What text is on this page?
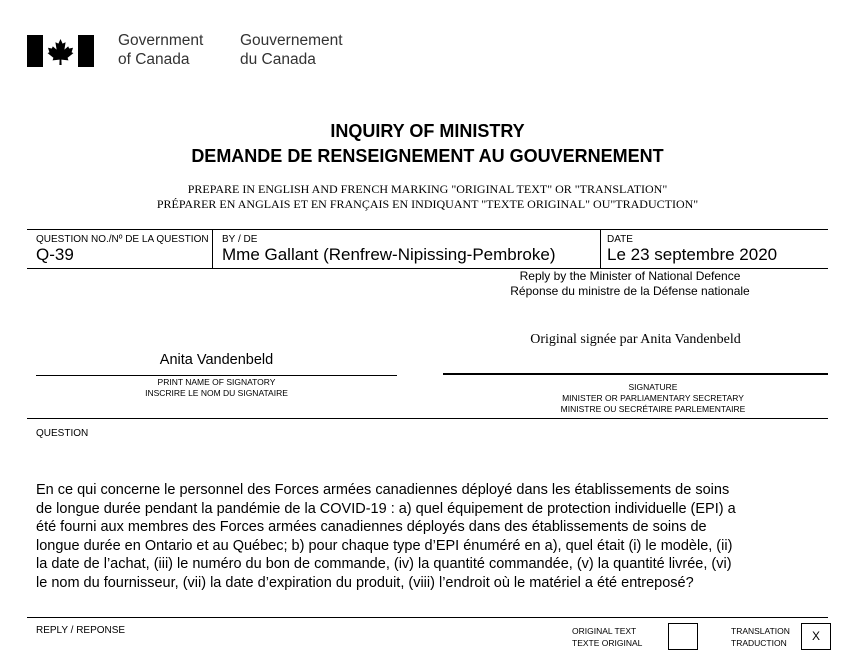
Government
of Canada
Gouvernement
du Canada
INQUIRY OF MINISTRY
DEMANDE DE RENSEIGNEMENT AU GOUVERNEMENT
PREPARE IN ENGLISH AND FRENCH MARKING "ORIGINAL TEXT" OR "TRANSLATION"
PRÉPARER EN ANGLAIS ET EN FRANÇAIS EN INDIQUANT "TEXTE ORIGINAL" OU"TRADUCTION"
QUESTION NO./Nº DE LA QUESTION
Q-39
BY / DE
Mme Gallant (Renfrew-Nipissing-Pembroke)
DATE
Le 23 septembre 2020
Reply by the Minister of National Defence
Réponse du ministre de la Défense nationale
Original signée par Anita Vandenbeld
Anita Vandenbeld
PRINT NAME OF SIGNATORY
INSCRIRE LE NOM DU SIGNATAIRE
SIGNATURE
MINISTER OR PARLIAMENTARY SECRETARY
MINISTRE OU SECRÉTAIRE PARLEMENTAIRE
QUESTION
En ce qui concerne le personnel des Forces armées canadiennes déployé dans les établissements de soins
de longue durée pendant la pandémie de la COVID-19 : a) quel équipement de protection individuelle (EPI) a
été fourni aux membres des Forces armées canadiennes déployés dans des établissements de soins de
longue durée en Ontario et au Québec; b) pour chaque type d’EPI énuméré en a), quel était (i) le modèle, (ii)
la date de l’achat, (iii) le numéro du bon de commande, (iv) la quantité commandée, (v) la quantité livrée, (vi)
le nom du fournisseur, (vii) la date d’expiration du produit, (viii) l’endroit où le matériel a été entreposé?
REPLY / REPONSE	ORIGINAL TEXT
TEXTE ORIGINAL
TRANSLATION
TRADUCTION	X
